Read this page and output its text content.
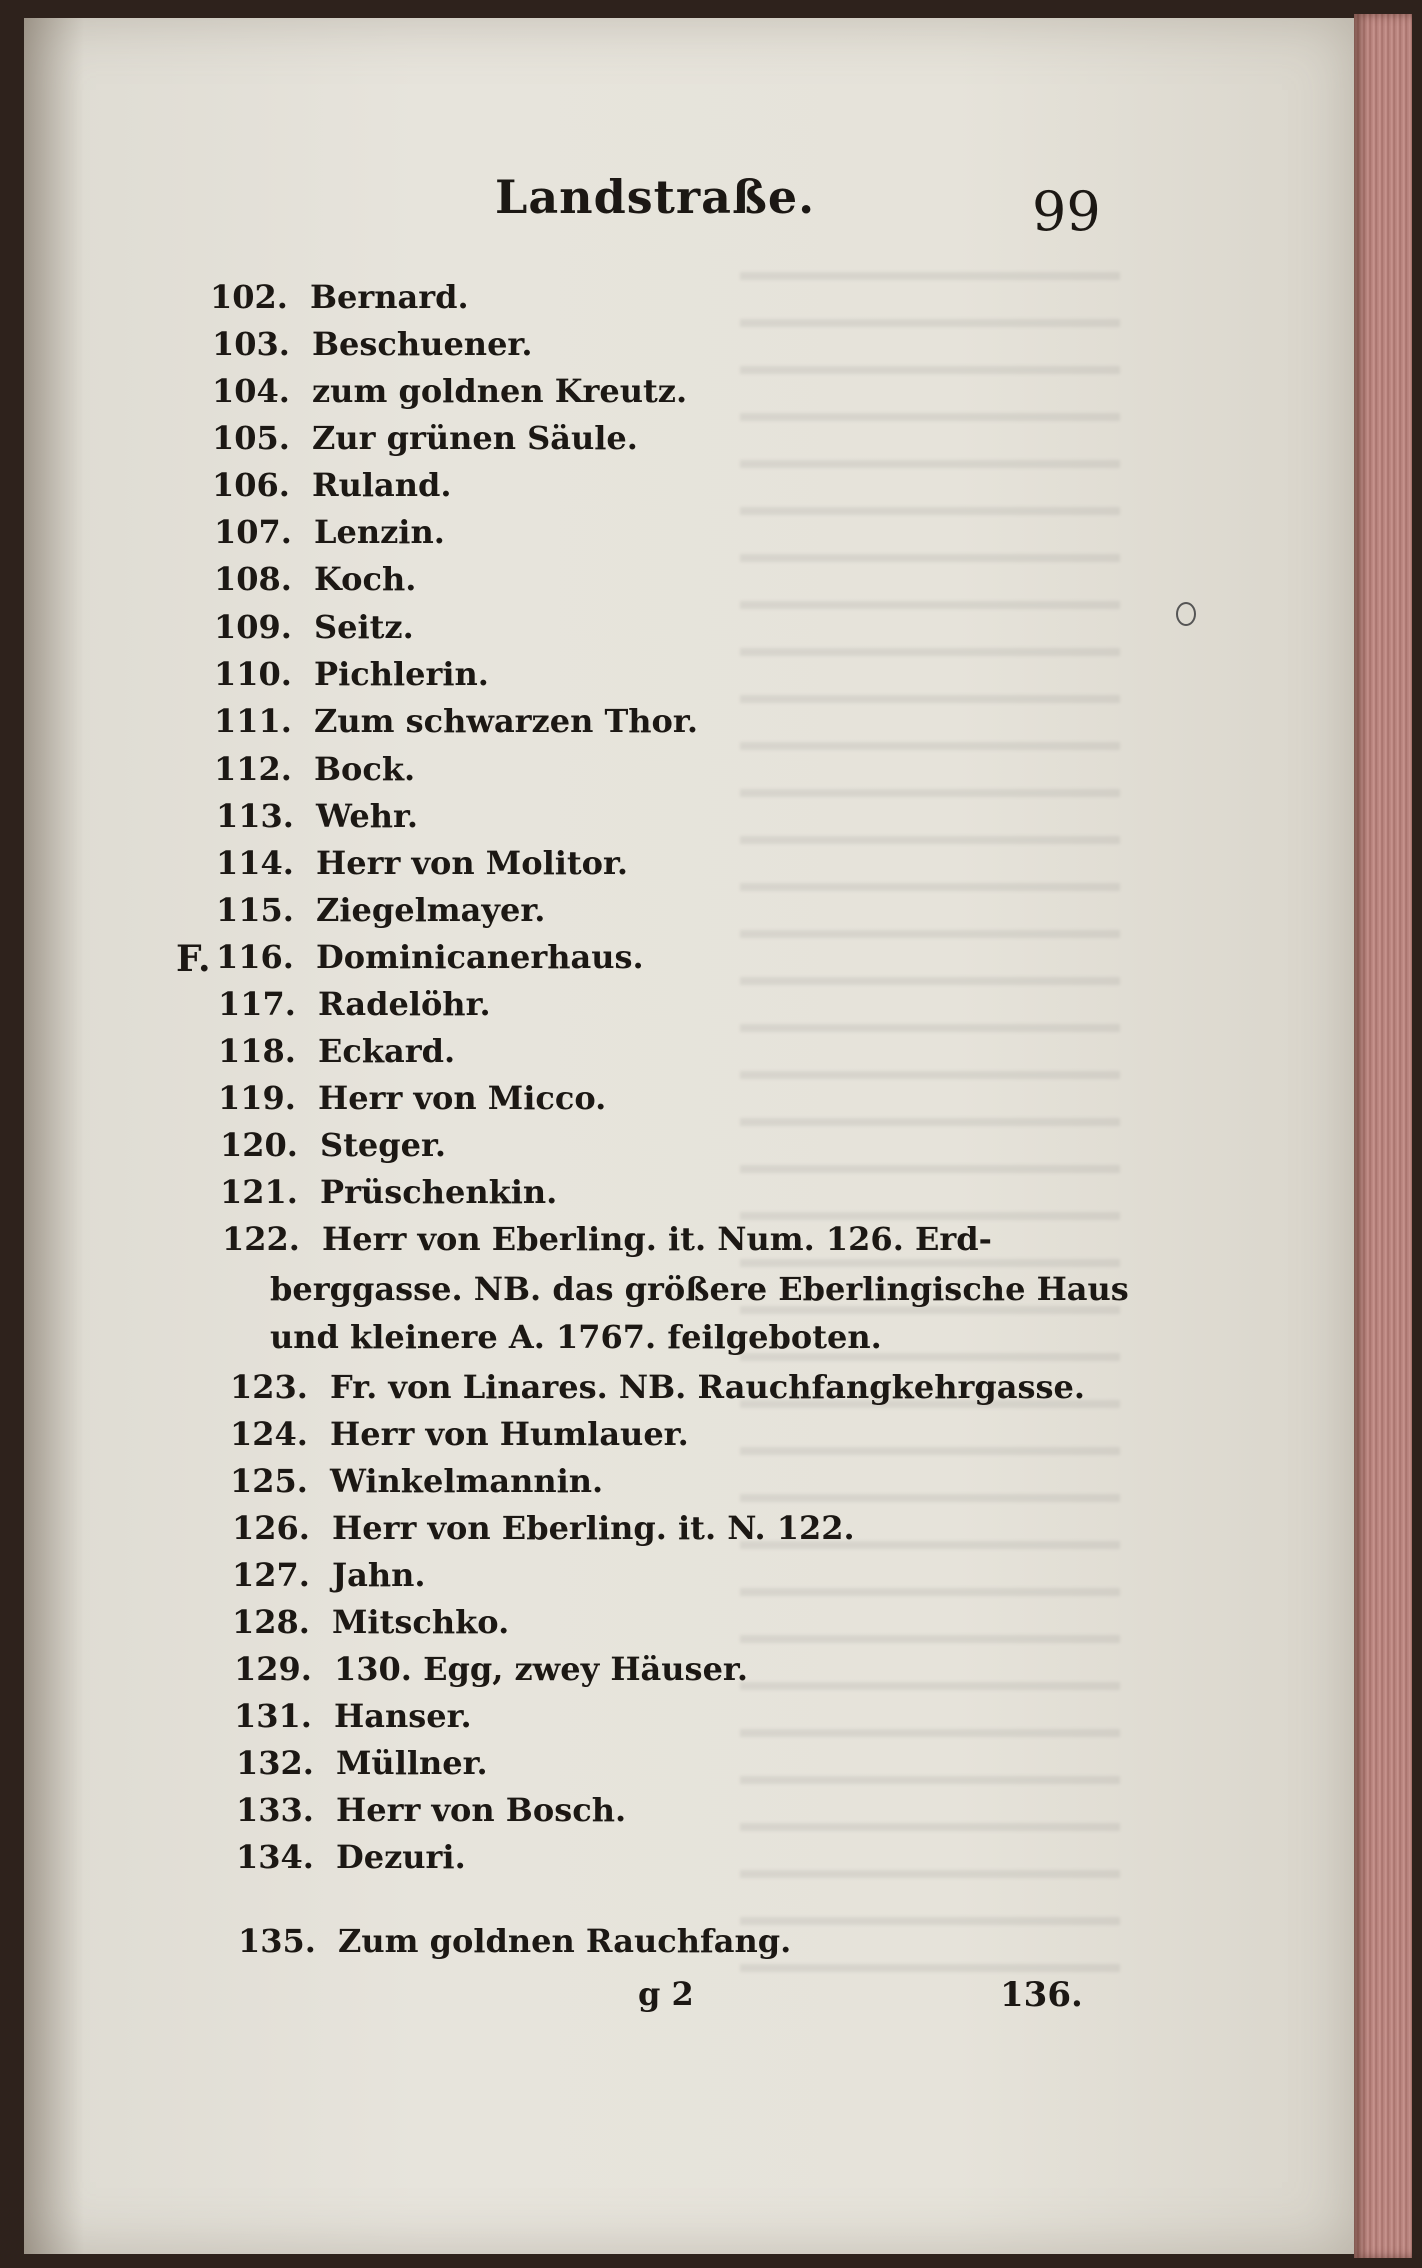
Landstraße.	99
102. Bernard.
103. Beschuener.
104. zum goldnen Kreutz.
105. Zur grünen Säule.
106. Ruland.
107. Lenzin.
108. Koch.
109. Seitz.
110. Pichlerin.
111. Zum schwarzen Thor.
112. Bock.
113. Wehr.
114. Herr von Molitor.
115. Ziegelmayer.
F. 116. Dominicanerhaus.
117. Radelöhr.
118. Eckard.
119. Herr von Micco.
120. Steger.
121. Prüschenkin.
122. Herr von Eberling. it. Num. 126. Erd-
berggasse. NB. das größere Eberlingische Haus
und kleinere A. 1767. feilgeboten.
123. Fr. von Linares. NB. Rauchfangkehrgasse.
124. Herr von Humlauer.
125. Winkelmannin.
126. Herr von Eberling. it. N. 122.
127. Jahn.
128. Mitschko.
129. 130. Egg, zwey Häuser.
131. Hanser.
132. Müllner.
133. Herr von Bosch.
134. Dezuri.
135. Zum goldnen Rauchfang.
g 2	136.
